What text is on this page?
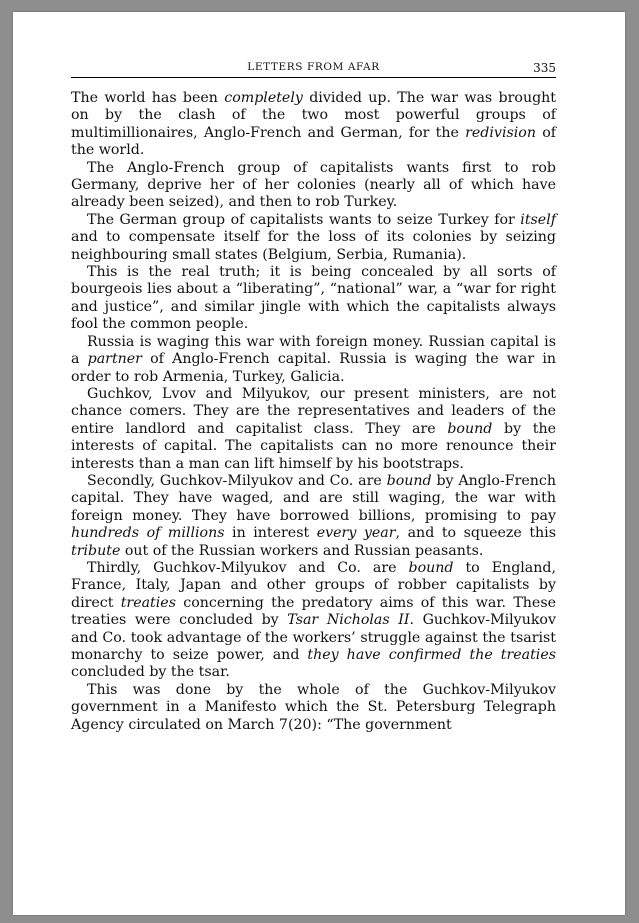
LETTERS FROM AFAR	335

The world has been completely divided up. The war was brought on by the clash of the two most powerful groups of multimillionaires, Anglo-French and German, for the redivision of the world.

The Anglo-French group of capitalists wants first to rob Germany, deprive her of her colonies (nearly all of which have already been seized), and then to rob Turkey.

The German group of capitalists wants to seize Turkey for itself and to compensate itself for the loss of its colonies by seizing neighbouring small states (Belgium, Serbia, Rumania).

This is the real truth; it is being concealed by all sorts of bourgeois lies about a “liberating”, “national” war, a “war for right and justice”, and similar jingle with which the capitalists always fool the common people.

Russia is waging this war with foreign money. Russian capital is a partner of Anglo-French capital. Russia is waging the war in order to rob Armenia, Turkey, Galicia.

Guchkov, Lvov and Milyukov, our present ministers, are not chance comers. They are the representatives and leaders of the entire landlord and capitalist class. They are bound by the interests of capital. The capitalists can no more renounce their interests than a man can lift himself by his bootstraps.

Secondly, Guchkov-Milyukov and Co. are bound by Anglo-French capital. They have waged, and are still waging, the war with foreign money. They have borrowed billions, promising to pay hundreds of millions in interest every year, and to squeeze this tribute out of the Russian workers and Russian peasants.

Thirdly, Guchkov-Milyukov and Co. are bound to England, France, Italy, Japan and other groups of robber capitalists by direct treaties concerning the predatory aims of this war. These treaties were concluded by Tsar Nicholas II. Guchkov-Milyukov and Co. took advantage of the workers’ struggle against the tsarist monarchy to seize power, and they have confirmed the treaties concluded by the tsar.

This was done by the whole of the Guchkov-Milyukov government in a Manifesto which the St. Petersburg Telegraph Agency circulated on March 7(20): “The government
